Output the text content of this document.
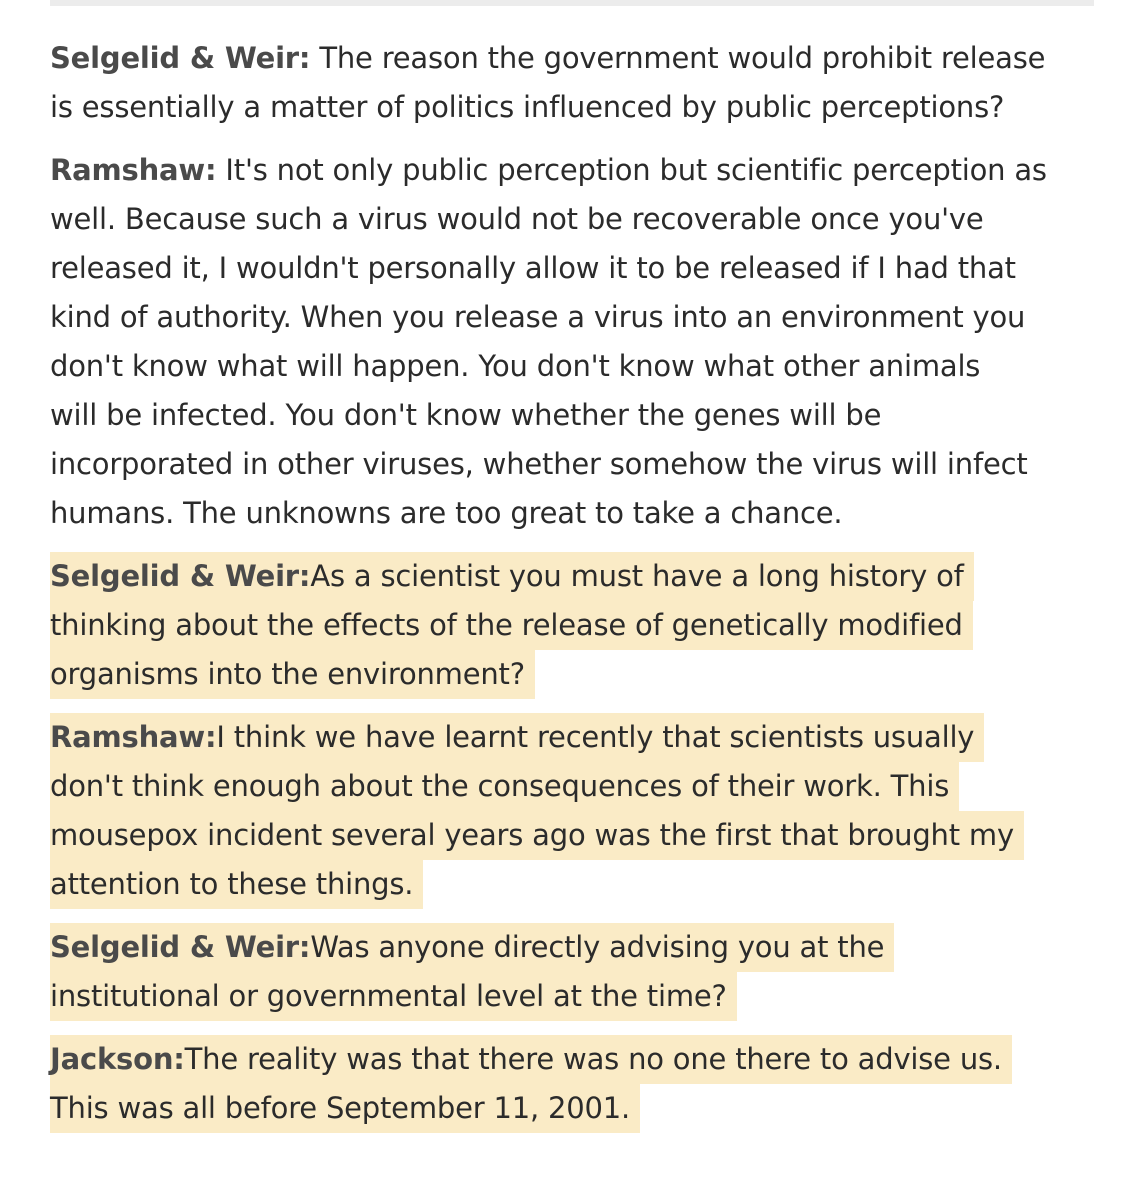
Selgelid & Weir: The reason the government would prohibit release
is essentially a matter of politics influenced by public perceptions?

Ramshaw: It's not only public perception but scientific perception as
well. Because such a virus would not be recoverable once you've
released it, I wouldn't personally allow it to be released if I had that
kind of authority. When you release a virus into an environment you
don't know what will happen. You don't know what other animals
will be infected. You don't know whether the genes will be
incorporated in other viruses, whether somehow the virus will infect
humans. The unknowns are too great to take a chance.

Selgelid & Weir:As a scientist you must have a long history of
thinking about the effects of the release of genetically modified
organisms into the environment?

Ramshaw:I think we have learnt recently that scientists usually
don't think enough about the consequences of their work. This
mousepox incident several years ago was the first that brought my
attention to these things.

Selgelid & Weir:Was anyone directly advising you at the
institutional or governmental level at the time?

Jackson:The reality was that there was no one there to advise us.
This was all before September 11, 2001.
